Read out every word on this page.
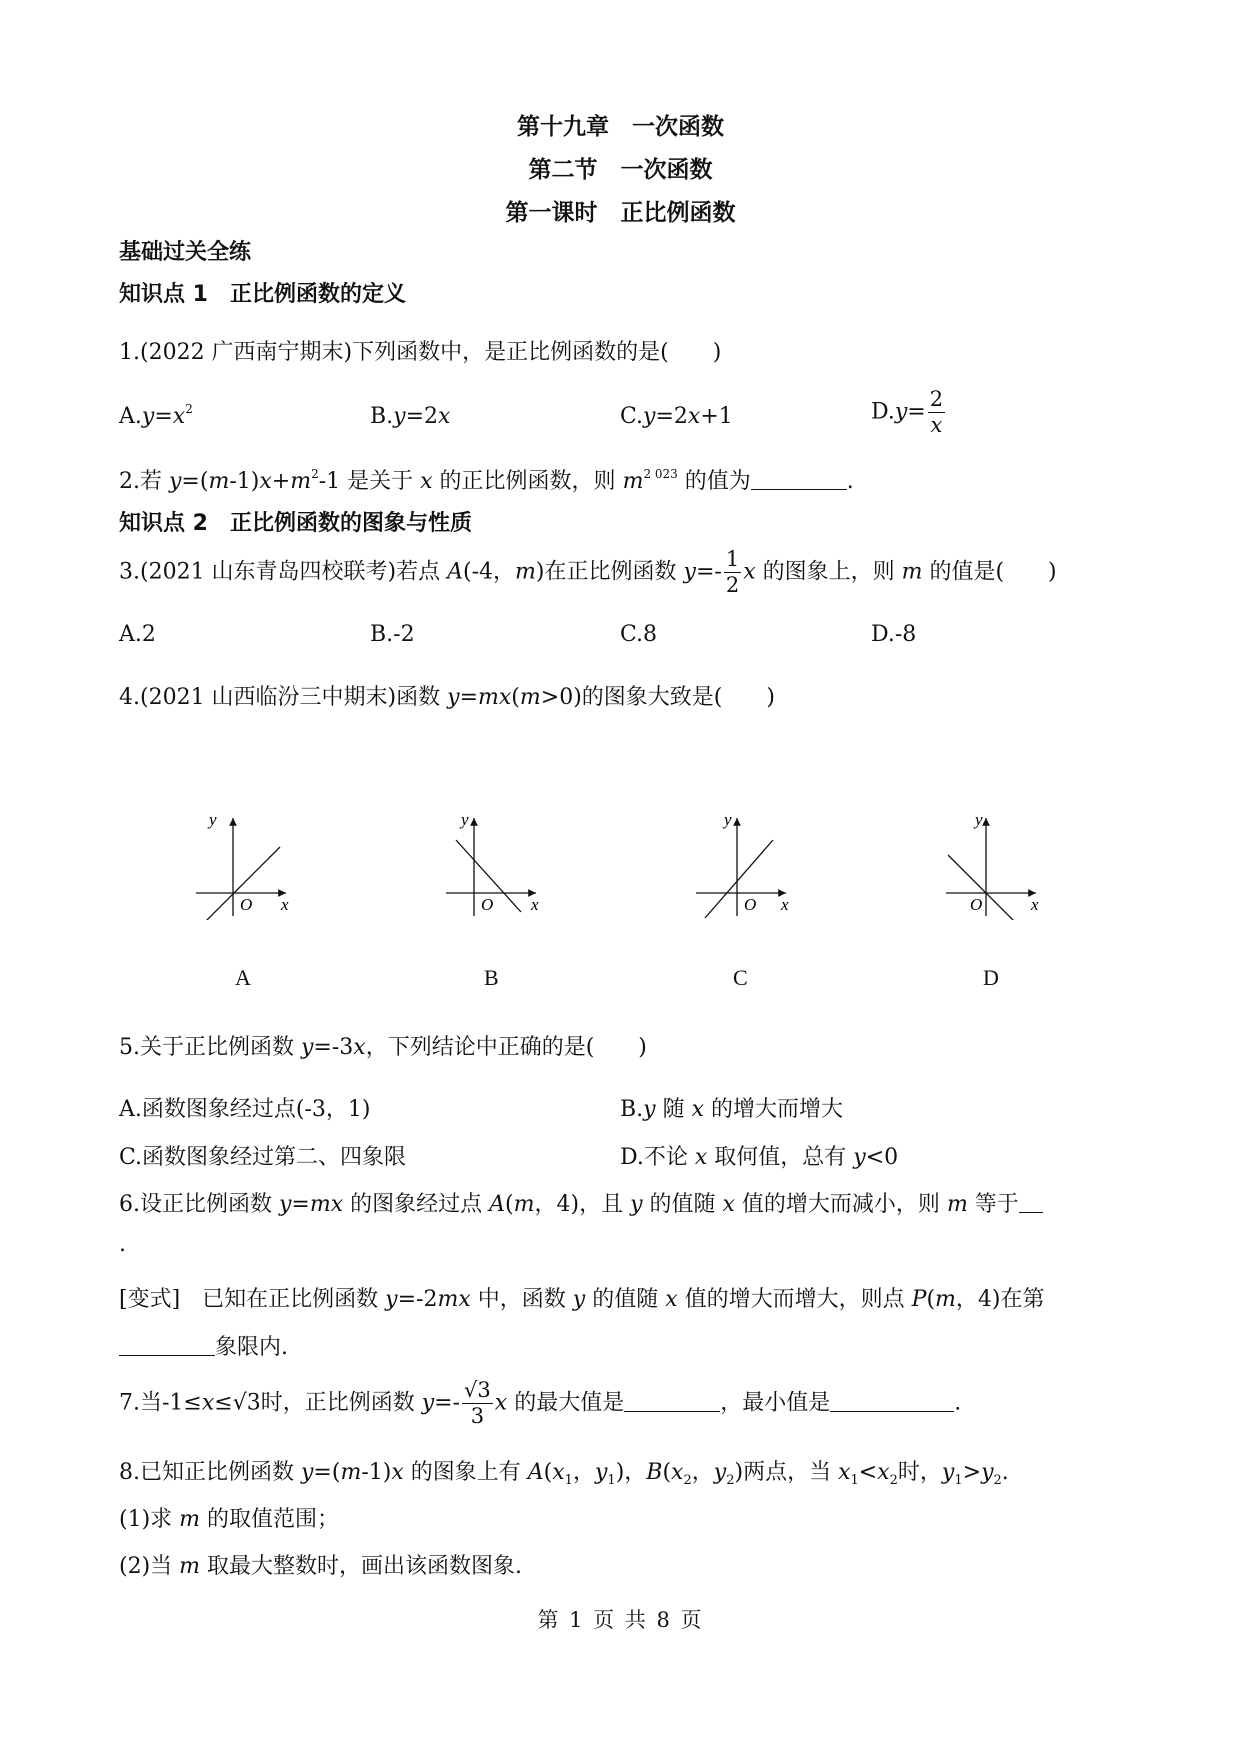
第十九章　一次函数
第二节　一次函数
第一课时　正比例函数
基础过关全练
知识点 1　正比例函数的定义
1.(2022 广西南宁期末)下列函数中，是正比例函数的是(　　)
$A.y=x^2$	B.y=2x	C.y=2x+1	$D.y= \frac{2}{x}$
2.若 $y=(m-1)x+m^2-1$ 是关于 x 的正比例函数，则 $m^{2 023}$ 的值为	.
知识点 2　正比例函数的图象与性质
3.(2021 山东青岛四校联考)若点 A(-4，m)在正比例函数 $y=- \frac{1}{2}$ x 的图象上，则 m 的值是(　　)
A.2	B.-2	C.8	D.-8
4.(2021 山西临汾三中期末)函数 y=mx(m>0)的图象大致是(　　)
y
O x
A
y
O x
B
y
O x
C
y
O	x
D
5.关于正比例函数 y=-3x，下列结论中正确的是(　　)
A.函数图象经过点(-3，1)	B.y 随 x 的增大而增大
C.函数图象经过第二、四象限	D.不论 x 取何值，总有 y<0
6.设正比例函数 y=mx 的图象经过点 A(m，4)，且 y 的值随 x 值的增大而减小，则 m 等于
.
[变式]　已知在正比例函数 y=-2mx 中，函数 y 的值随 x 值的增大而增大，则点 P(m，4)在第
象限内.
7.当-1≤x≤√3时，正比例函数 $y=- \frac{√3}{3}$ x 的最大值是	，最小值是	.
8.已知正比例函数 y=(m-1)x 的图象上有 $A(x_1$，$y_1$)，$B(x_2$，$y_2$)两点，当 $x_1<x_2$时，$y_1>y_2$.
(1)求 m 的取值范围；
(2)当 m 取最大整数时，画出该函数图象.
第 1 页 共 8 页
